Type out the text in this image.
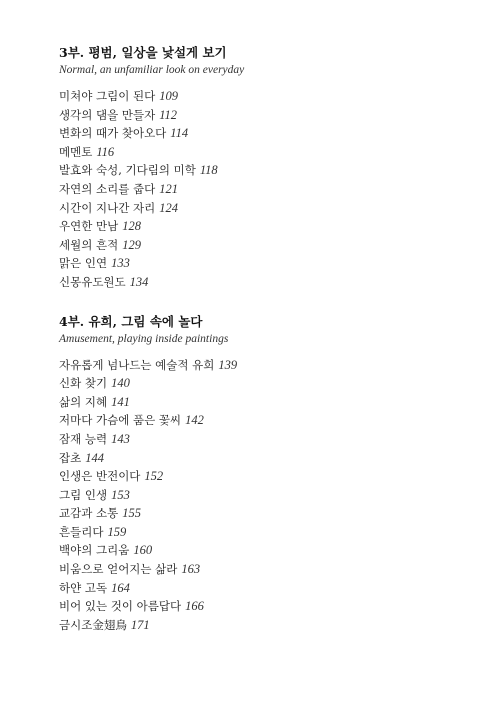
3부. 평범, 일상을 낯설게 보기

Normal, an unfamiliar look on everyday

미쳐야 그림이 된다 109
생각의 댐을 만들자 112
변화의 때가 찾아오다 114
메멘토 116
발효와 숙성, 기다림의 미학 118
자연의 소리를 줍다 121
시간이 지나간 자리 124
우연한 만남 128
세월의 흔적 129
맑은 인연 133
신몽유도원도 134
4부. 유희, 그림 속에 놀다

Amusement, playing inside paintings

자유롭게 넘나드는 예술적 유희 139
신화 찾기 140
삶의 지혜 141
저마다 가슴에 품은 꽃씨 142
잠재 능력 143
잡초 144
인생은 반전이다 152
그림 인생 153
교감과 소통 155
흔들리다 159
백야의 그리움 160
비움으로 얻어지는 삶라 163
하얀 고독 164
비어 있는 것이 아름답다 166
금시조金翅鳥 171
